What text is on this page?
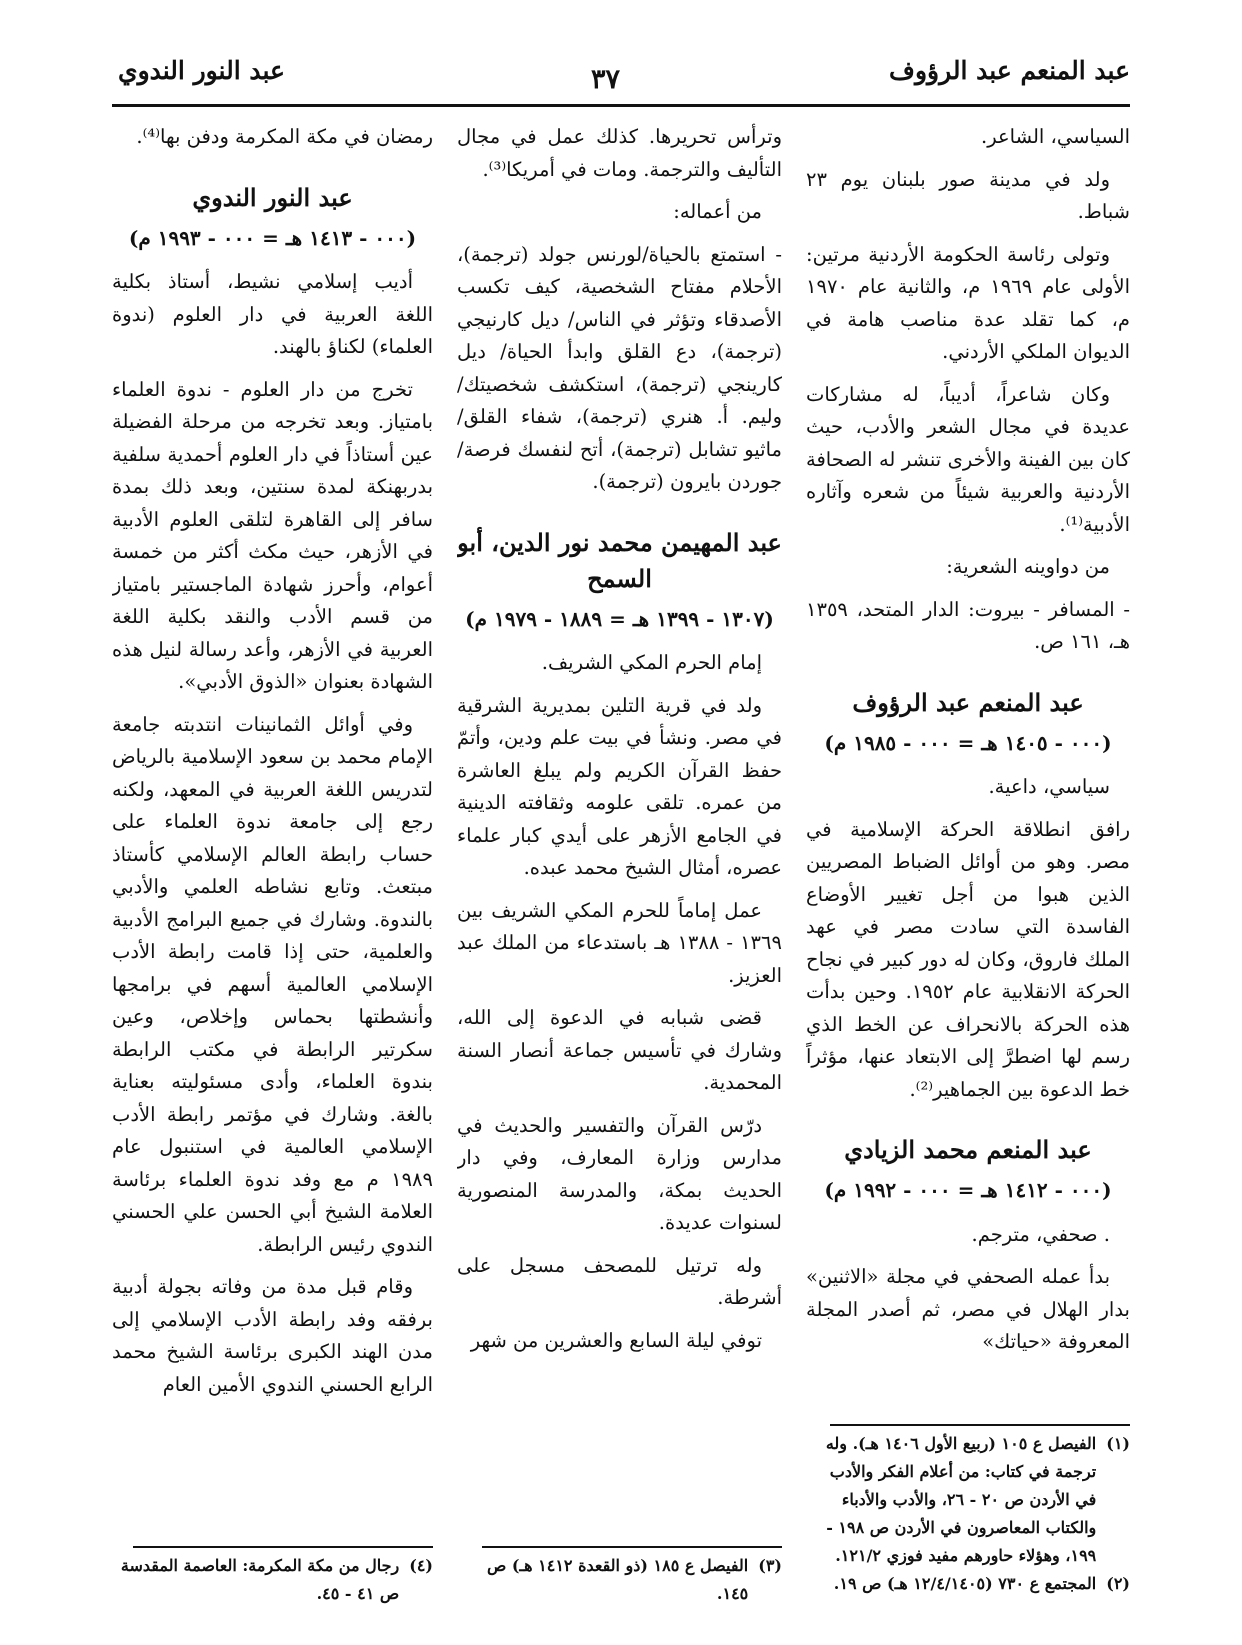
عبد المنعم عبد الرؤوف
٣٧
عبد النور الندوي

السياسي، الشاعر.

ولد في مدينة صور بلبنان يوم ٢٣ شباط.

وتولى رئاسة الحكومة الأردنية مرتين: الأولى عام ١٩٦٩ م، والثانية عام ١٩٧٠ م، كما تقلد عدة مناصب هامة في الديوان الملكي الأردني.

وكان شاعراً، أديباً، له مشاركات عديدة في مجال الشعر والأدب، حيث كان بين الفينة والأخرى تنشر له الصحافة الأردنية والعربية شيئاً من شعره وآثاره الأدبية⁽¹⁾.

من دواوينه الشعرية:

- المسافر - بيروت: الدار المتحد، ١٣٥٩ هـ، ١٦١ ص.

عبد المنعم عبد الرؤوف
(٠٠٠ - ١٤٠٥ هـ = ٠٠٠ - ١٩٨٥ م)

سياسي، داعية.

رافق انطلاقة الحركة الإسلامية في مصر. وهو من أوائل الضباط المصريين الذين هبوا من أجل تغيير الأوضاع الفاسدة التي سادت مصر في عهد الملك فاروق، وكان له دور كبير في نجاح الحركة الانقلابية عام ١٩٥٢. وحين بدأت هذه الحركة بالانحراف عن الخط الذي رسم لها اضطرَّ إلى الابتعاد عنها، مؤثراً خط الدعوة بين الجماهير⁽²⁾.

عبد المنعم محمد الزيادي
(٠٠٠ - ١٤١٢ هـ = ٠٠٠ - ١٩٩٢ م)

. صحفي، مترجم.

بدأ عمله الصحفي في مجلة «الاثنين» بدار الهلال في مصر، ثم أصدر المجلة المعروفة «حياتك»

وترأس تحريرها. كذلك عمل في مجال التأليف والترجمة. ومات في أمريكا⁽³⁾.

من أعماله:

- استمتع بالحياة/لورنس جولد (ترجمة)، الأحلام مفتاح الشخصية، كيف تكسب الأصدقاء وتؤثر في الناس/ ديل كارنيجي (ترجمة)، دع القلق وابدأ الحياة/ ديل كارينجي (ترجمة)، استكشف شخصيتك/ وليم. أ. هنري (ترجمة)، شفاء القلق/ماثيو تشابل (ترجمة)، أتح لنفسك فرصة/ جوردن بايرون (ترجمة).

عبد المهيمن محمد نور الدين، أبو السمح
(١٣٠٧ - ١٣٩٩ هـ = ١٨٨٩ - ١٩٧٩ م)

إمام الحرم المكي الشريف.

ولد في قرية التلين بمديرية الشرقية في مصر. ونشأ في بيت علم ودين، وأتمّ حفظ القرآن الكريم ولم يبلغ العاشرة من عمره. تلقى علومه وثقافته الدينية في الجامع الأزهر على أيدي كبار علماء عصره، أمثال الشيخ محمد عبده.

عمل إماماً للحرم المكي الشريف بين ١٣٦٩ - ١٣٨٨ هـ باستدعاء من الملك عبد العزيز.

قضى شبابه في الدعوة إلى الله، وشارك في تأسيس جماعة أنصار السنة المحمدية.

درّس القرآن والتفسير والحديث في مدارس وزارة المعارف، وفي دار الحديث بمكة، والمدرسة المنصورية لسنوات عديدة.

وله ترتيل للمصحف مسجل على أشرطة.

توفي ليلة السابع والعشرين من شهر

رمضان في مكة المكرمة ودفن بها⁽⁴⁾.

عبد النور الندوي
(٠٠٠ - ١٤١٣ هـ = ٠٠٠ - ١٩٩٣ م)

أديب إسلامي نشيط، أستاذ بكلية اللغة العربية في دار العلوم (ندوة العلماء) لكناؤ بالهند.

تخرج من دار العلوم - ندوة العلماء بامتياز. وبعد تخرجه من مرحلة الفضيلة عين أستاذاً في دار العلوم أحمدية سلفية بدربهنكة لمدة سنتين، وبعد ذلك بمدة سافر إلى القاهرة لتلقى العلوم الأدبية في الأزهر، حيث مكث أكثر من خمسة أعوام، وأحرز شهادة الماجستير بامتياز من قسم الأدب والنقد بكلية اللغة العربية في الأزهر، وأعد رسالة لنيل هذه الشهادة بعنوان «الذوق الأدبي».

وفي أوائل الثمانينات انتدبته جامعة الإمام محمد بن سعود الإسلامية بالرياض لتدريس اللغة العربية في المعهد، ولكنه رجع إلى جامعة ندوة العلماء على حساب رابطة العالم الإسلامي كأستاذ مبتعث. وتابع نشاطه العلمي والأدبي بالندوة. وشارك في جميع البرامج الأدبية والعلمية، حتى إذا قامت رابطة الأدب الإسلامي العالمية أسهم في برامجها وأنشطتها بحماس وإخلاص، وعين سكرتير الرابطة في مكتب الرابطة بندوة العلماء، وأدى مسئوليته بعناية بالغة. وشارك في مؤتمر رابطة الأدب الإسلامي العالمية في استنبول عام ١٩٨٩ م مع وفد ندوة العلماء برئاسة العلامة الشيخ أبي الحسن علي الحسني الندوي رئيس الرابطة.

وقام قبل مدة من وفاته بجولة أدبية برفقه وفد رابطة الأدب الإسلامي إلى مدن الهند الكبرى برئاسة الشيخ محمد الرابع الحسني الندوي الأمين العام

(١)
الفيصل ع ١٠٥ (ربيع الأول ١٤٠٦ هـ). وله ترجمة في كتاب: من أعلام الفكر والأدب في الأردن ص ٢٠ - ٢٦، والأدب والأدباء والكتاب المعاصرون في الأردن ص ١٩٨ - ١٩٩، وهؤلاء حاورهم مفيد فوزي ١٢١/٢.
(٢)
المجتمع ع ٧٣٠ (١٢/٤/١٤٠٥ هـ) ص ١٩.
(٣)
الفيصل ع ١٨٥ (ذو القعدة ١٤١٢ هـ) ص ١٤٥.
(٤)
رجال من مكة المكرمة: العاصمة المقدسة ص ٤١ - ٤٥.
